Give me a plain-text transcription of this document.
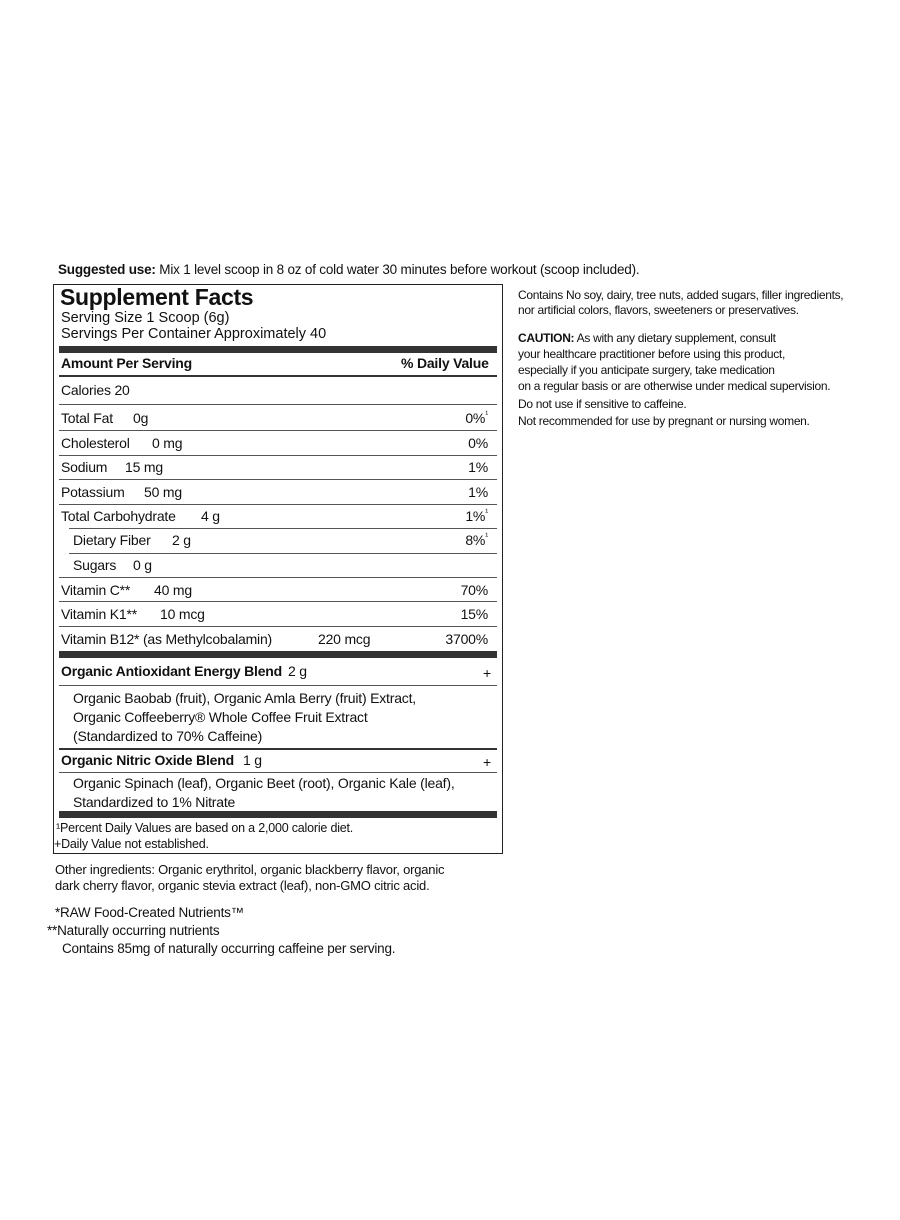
Suggested use: Mix 1 level scoop in 8 oz of cold water 30 minutes before workout (scoop included).
Supplement Facts
Serving Size 1 Scoop (6g)
Servings Per Container Approximately 40
Amount Per Serving	% Daily Value
Calories 20
Total Fat 0g	0%$^{^1}$
Cholesterol 0 mg	0%
Sodium 15 mg	1%
Potassium 50 mg	1%
Total Carbohydrate 4 g	1%$^{^1}$
Dietary Fiber 2 g	8%$^{^1}$
Sugars 0 g
Vitamin C** 40 mg	70%
Vitamin K1** 10 mcg	15%
Vitamin B12* (as Methylcobalamin)	220 mcg	3700%
Organic Antioxidant Energy Blend 2 g	+
Organic Baobab (fruit), Organic Amla Berry (fruit) Extract,
Organic Coffeeberry® Whole Coffee Fruit Extract
(Standardized to 70% Caffeine)
Organic Nitric Oxide Blend 1 g	+
Organic Spinach (leaf), Organic Beet (root), Organic Kale (leaf),
Standardized to 1% Nitrate
¹Percent Daily Values are based on a 2,000 calorie diet.
+Daily Value not established.
Other ingredients: Organic erythritol, organic blackberry flavor, organic
dark cherry flavor, organic stevia extract (leaf), non-GMO citric acid.
*RAW Food-Created Nutrients™
**Naturally occurring nutrients
Contains 85mg of naturally occurring caffeine per serving.
Contains No soy, dairy, tree nuts, added sugars, filler ingredients,
nor artificial colors, flavors, sweeteners or preservatives.
CAUTION: As with any dietary supplement, consult
your healthcare practitioner before using this product,
especially if you anticipate surgery, take medication
on a regular basis or are otherwise under medical supervision.
Do not use if sensitive to caffeine.
Not recommended for use by pregnant or nursing women.
